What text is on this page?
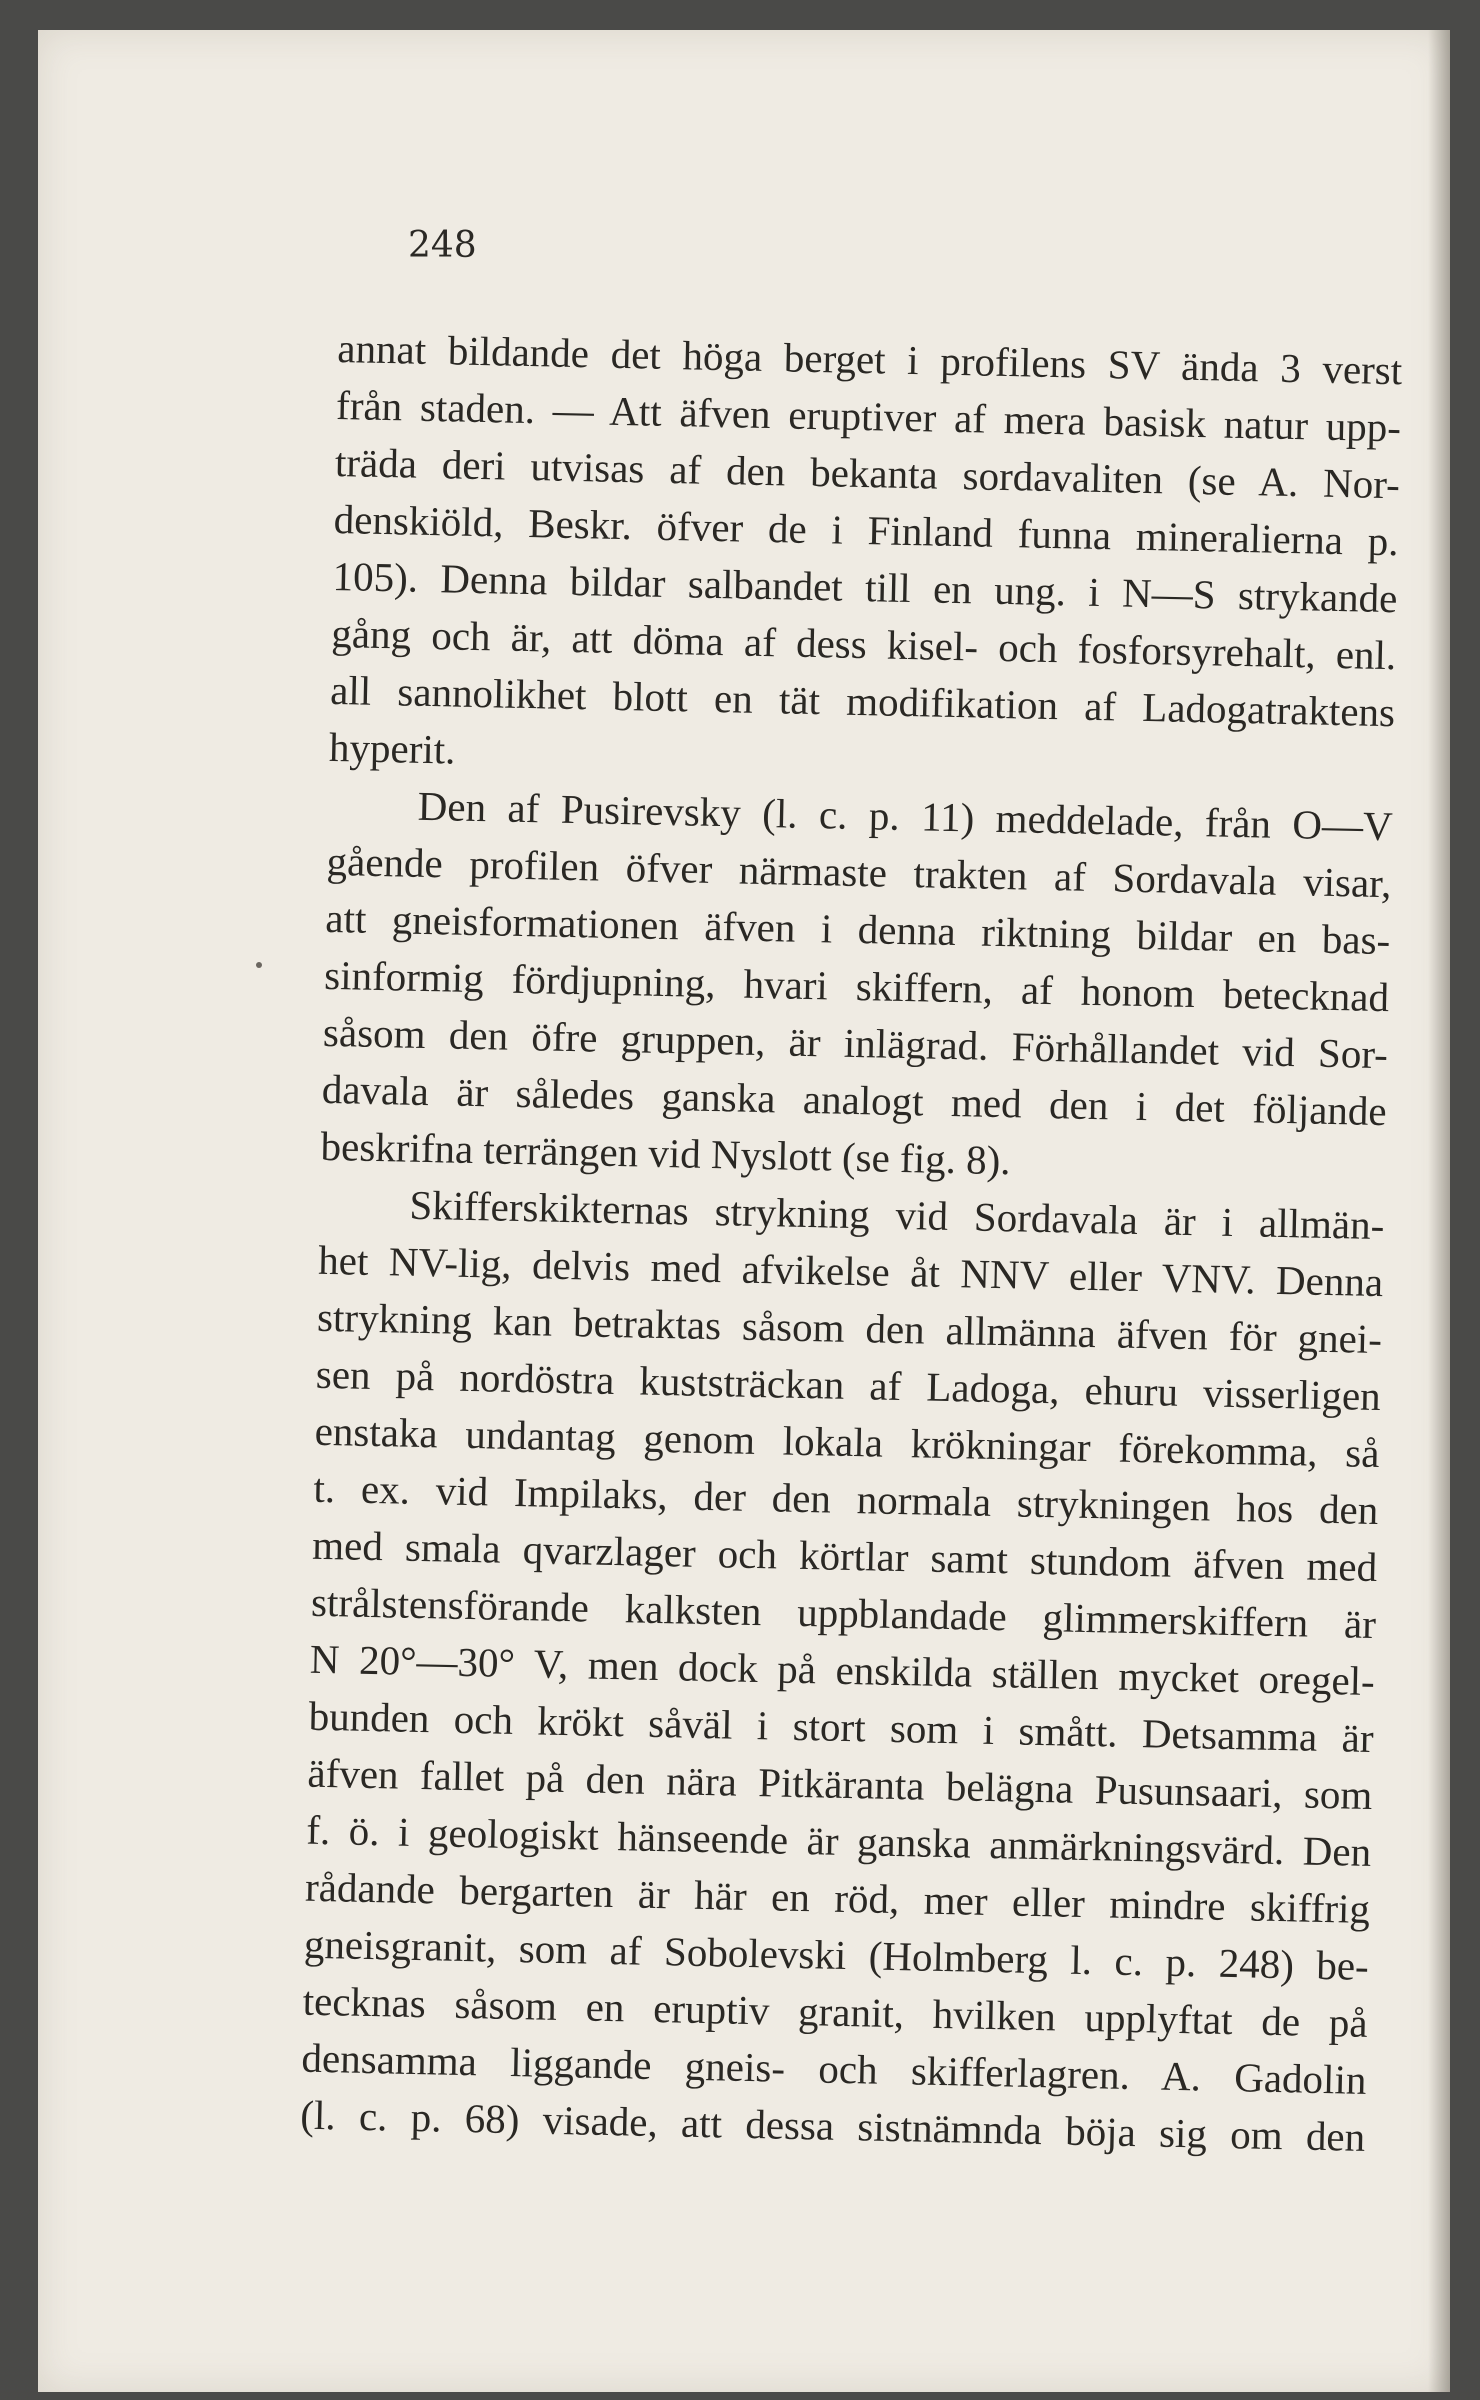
248
annat bildande det höga berget i profilens SV ända 3 verst
från staden. — Att äfven eruptiver af mera basisk natur upp-
träda deri utvisas af den bekanta sordavaliten (se A. Nor-
denskiöld, Beskr. öfver de i Finland funna mineralierna p.
105). Denna bildar salbandet till en ung. i N—S strykande
gång och är, att döma af dess kisel- och fosforsyrehalt, enl.
all sannolikhet blott en tät modifikation af Ladogatraktens
hyperit.
Den af Pusirevsky (l. c. p. 11) meddelade, från O—V
gående profilen öfver närmaste trakten af Sordavala visar,
att gneisformationen äfven i denna riktning bildar en bas-
sinformig fördjupning, hvari skiffern, af honom betecknad
såsom den öfre gruppen, är inlägrad. Förhållandet vid Sor-
davala är således ganska analogt med den i det följande
beskrifna terrängen vid Nyslott (se fig. 8).
Skifferskikternas strykning vid Sordavala är i allmän-
het NV-lig, delvis med afvikelse åt NNV eller VNV. Denna
strykning kan betraktas såsom den allmänna äfven för gnei-
sen på nordöstra kuststräckan af Ladoga, ehuru visserligen
enstaka undantag genom lokala krökningar förekomma, så
t. ex. vid Impilaks, der den normala strykningen hos den
med smala qvarzlager och körtlar samt stundom äfven med
strålstensförande kalksten uppblandade glimmerskiffern är
N 20°—30° V, men dock på enskilda ställen mycket oregel-
bunden och krökt såväl i stort som i smått. Detsamma är
äfven fallet på den nära Pitkäranta belägna Pusunsaari, som
f. ö. i geologiskt hänseende är ganska anmärkningsvärd. Den
rådande bergarten är här en röd, mer eller mindre skiffrig
gneisgranit, som af Sobolevski (Holmberg l. c. p. 248) be-
tecknas såsom en eruptiv granit, hvilken upplyftat de på
densamma liggande gneis- och skifferlagren. A. Gadolin
(l. c. p. 68) visade, att dessa sistnämnda böja sig om den
